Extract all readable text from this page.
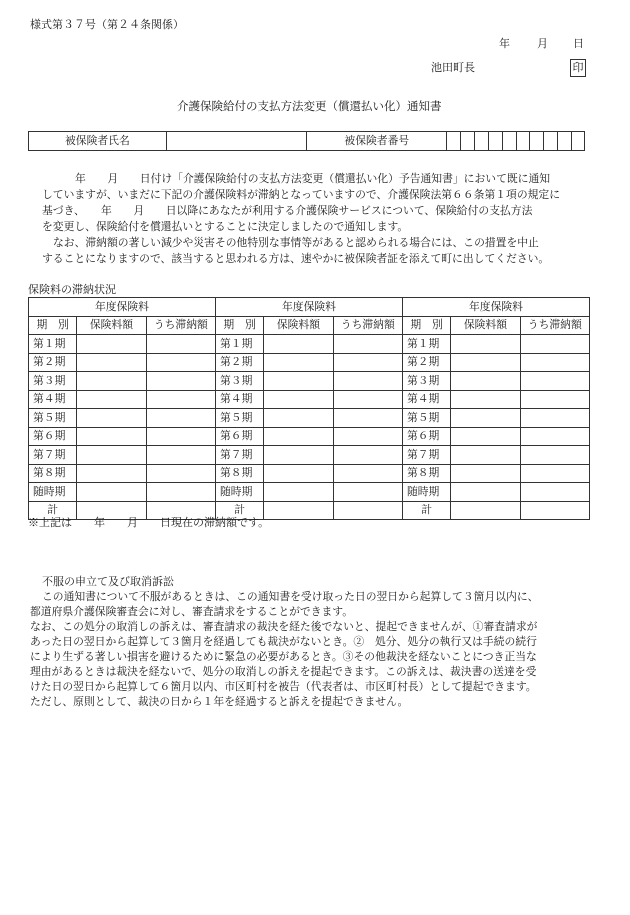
様式第３７号（第２４条関係）
年 月 日
池田町長	印
介護保険給付の支払方法変更（償還払い化）通知書
被保険者氏名		被保険者番号										
年　　月　　日付け「介護保険給付の支払方法変更（償還払い化）予告通知書」において既に通知
していますが、いまだに下記の介護保険料が滞納となっていますので、介護保険法第６６条第１項の規定に
基づき、　　年　　月　　日以降にあなたが利用する介護保険サービスについて、保険給付の支払方法
を変更し、保険給付を償還払いとすることに決定しましたので通知します。
なお、滞納額の著しい減少や災害その他特別な事情等があると認められる場合には、この措置を中止
することになりますので、該当すると思われる方は、速やかに被保険者証を添えて町に出してください。
保険料の滞納状況
年度保険料			年度保険料			年度保険料		
期　別	保険料額	うち滞納額	期　別	保険料額	うち滞納額	期　別	保険料額	うち滞納額
第１期			第１期			第１期		
第２期			第２期			第２期		
第３期			第３期			第３期		
第４期			第４期			第４期		
第５期			第５期			第５期		
第６期			第６期			第６期		
第７期			第７期			第７期		
第８期			第８期			第８期		
随時期			随時期			随時期		
計			計			計		
※上記は　　年　　月　　日現在の滞納額です。
不服の申立て及び取消訴訟
この通知書について不服があるときは、この通知書を受け取った日の翌日から起算して３箇月以内に、
都道府県介護保険審査会に対し、審査請求をすることができます。
なお、この処分の取消しの訴えは、審査請求の裁決を経た後でないと、提起できませんが、①審査請求が
あった日の翌日から起算して３箇月を経過しても裁決がないとき。②　処分、処分の執行又は手続の続行
により生ずる著しい損害を避けるために緊急の必要があるとき。③その他裁決を経ないことにつき正当な
理由があるときは裁決を経ないで、処分の取消しの訴えを提起できます。この訴えは、裁決書の送達を受
けた日の翌日から起算して６箇月以内、市区町村を被告（代表者は、市区町村長）として提起できます。
ただし、原則として、裁決の日から１年を経過すると訴えを提起できません。
